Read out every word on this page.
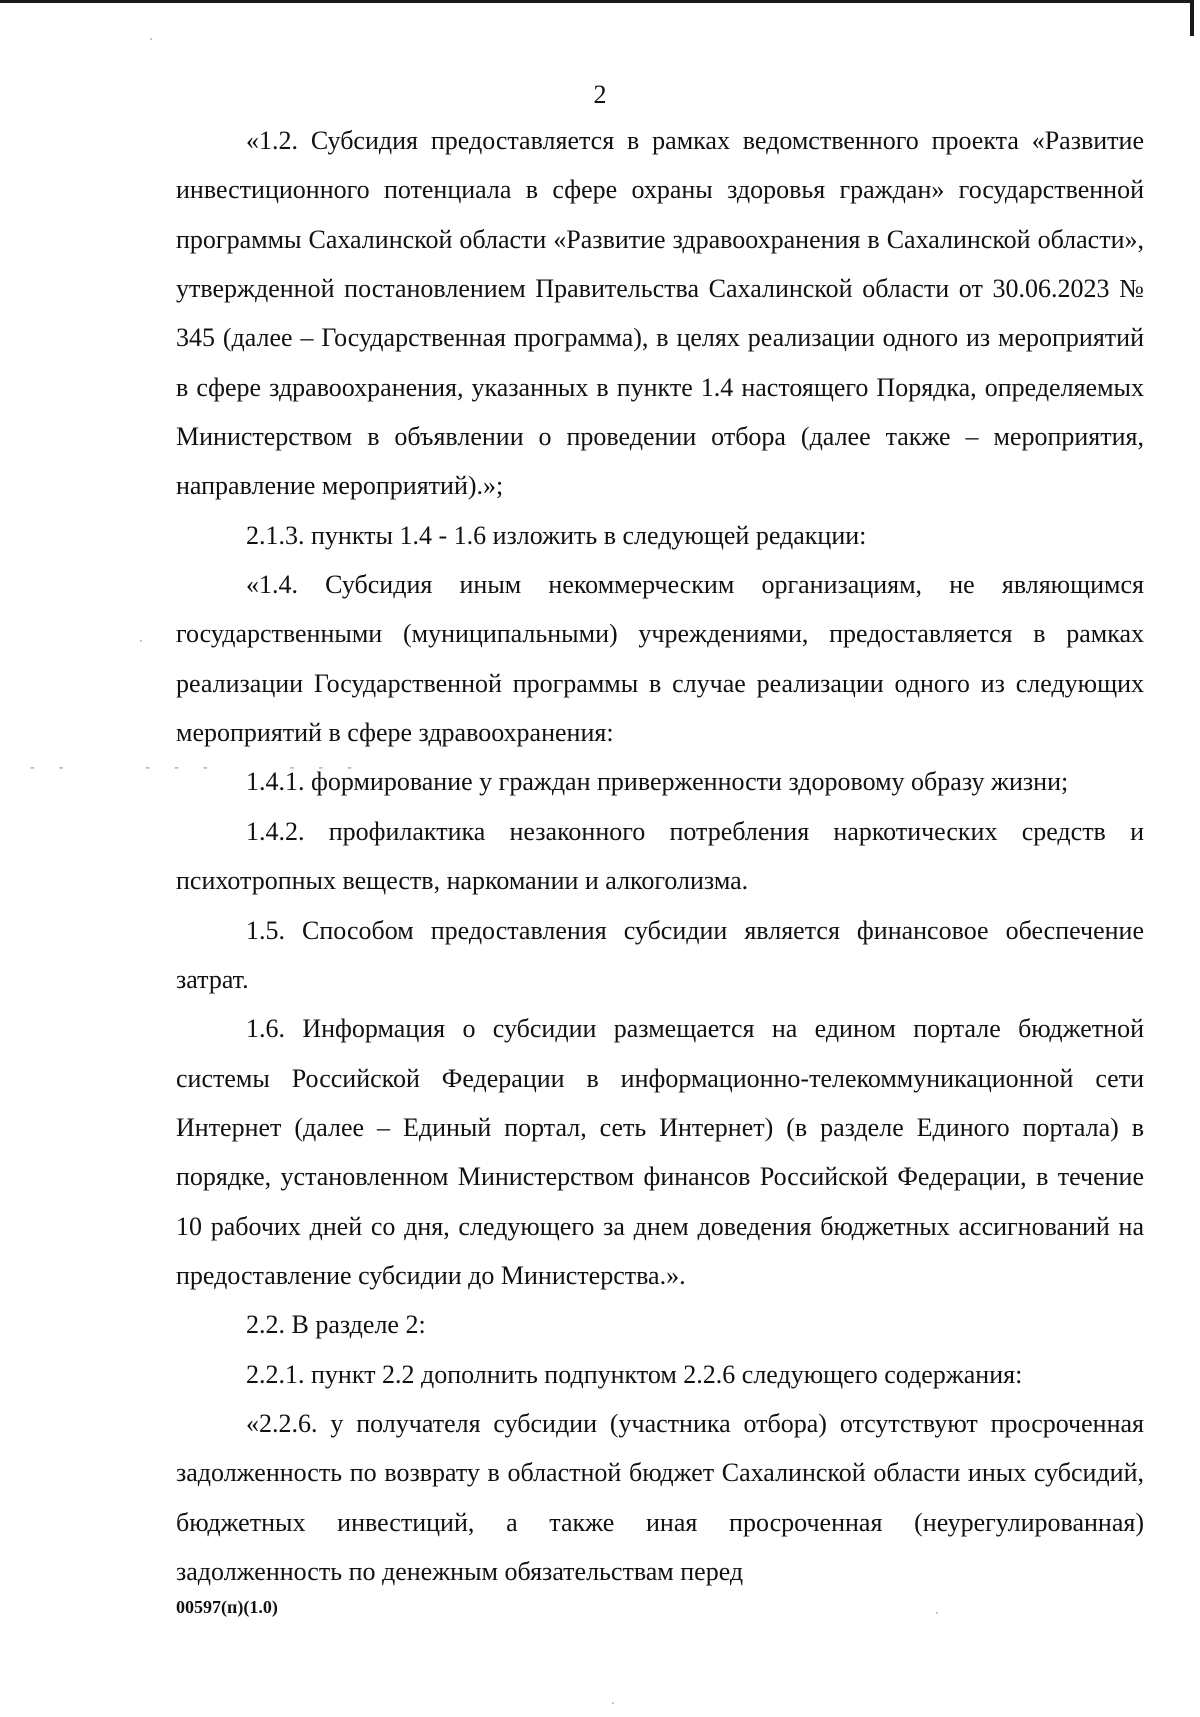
2

«1.2. Субсидия предоставляется в рамках ведомственного проекта «Развитие инвестиционного потенциала в сфере охраны здоровья граждан» государственной программы Сахалинской области «Развитие здравоохранения в Сахалинской области», утвержденной постановлением Правительства Сахалинской области от 30.06.2023 № 345 (далее – Государственная программа), в целях реализации одного из мероприятий в сфере здравоохранения, указанных в пункте 1.4 настоящего Порядка, определяемых Министерством в объявлении о проведении отбора (далее также – мероприятия, направление мероприятий).»;

2.1.3. пункты 1.4 - 1.6 изложить в следующей редакции:

«1.4. Субсидия иным некоммерческим организациям, не являющимся государственными (муниципальными) учреждениями, предоставляется в рамках реализации Государственной программы в случае реализации одного из следующих мероприятий в сфере здравоохранения:

1.4.1. формирование у граждан приверженности здоровому образу жизни;

1.4.2. профилактика незаконного потребления наркотических средств и психотропных веществ, наркомании и алкоголизма.

1.5. Способом предоставления субсидии является финансовое обеспечение затрат.

1.6. Информация о субсидии размещается на едином портале бюджетной системы Российской Федерации в информационно-телекоммуникационной сети Интернет (далее – Единый портал, сеть Интернет) (в разделе Единого портала) в порядке, установленном Министерством финансов Российской Федерации, в течение 10 рабочих дней со дня, следующего за днем доведения бюджетных ассигнований на предоставление субсидии до Министерства.».

2.2. В разделе 2:

2.2.1. пункт 2.2 дополнить подпунктом 2.2.6 следующего содержания:

«2.2.6. у получателя субсидии (участника отбора) отсутствуют просроченная задолженность по возврату в областной бюджет Сахалинской области иных субсидий, бюджетных инвестиций, а также иная просроченная (неурегулированная) задолженность по денежным обязательствам перед

- -     - - -     - - -
00597(п)(1.0)
